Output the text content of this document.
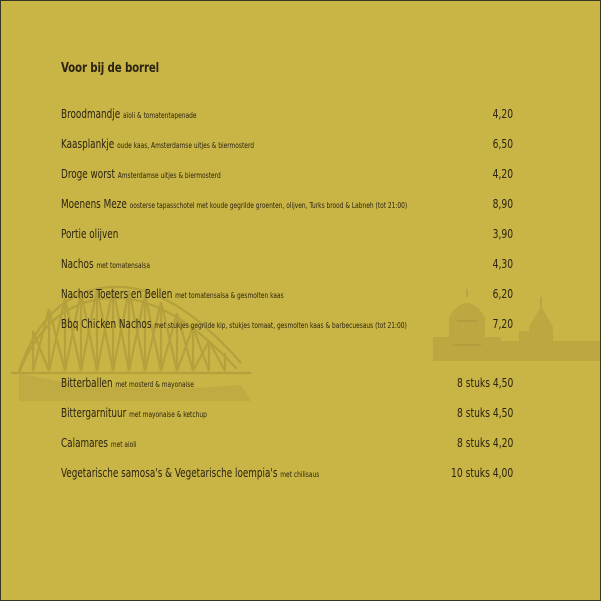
Voor bij de borrel
Broodmandje aïoli & tomatentapenade	4,20
Kaasplankje oude kaas, Amsterdamse uitjes & biermosterd	6,50
Droge worst Amsterdamse uitjes & biermosterd	4,20
Moenens Meze oosterse tapasschotel met koude gegrilde groenten, olijven, Turks brood & Labneh (tot 21:00)	8,90
Portie olijven	3,90
Nachos met tomatensalsa	4,30
Nachos Toeters en Bellen met tomatensalsa & gesmolten kaas	6,20
Bbq Chicken Nachos met stukjes gegrilde kip, stukjes tomaat, gesmolten kaas & barbecuesaus (tot 21:00)	7,20
Bitterballen met mosterd & mayonaise	8 stuks 4,50
Bittergarnituur met mayonaise & ketchup	8 stuks 4,50
Calamares met aioli	8 stuks 4,20
Vegetarische samosa's & Vegetarische loempia's met chilisaus	10 stuks 4,00
